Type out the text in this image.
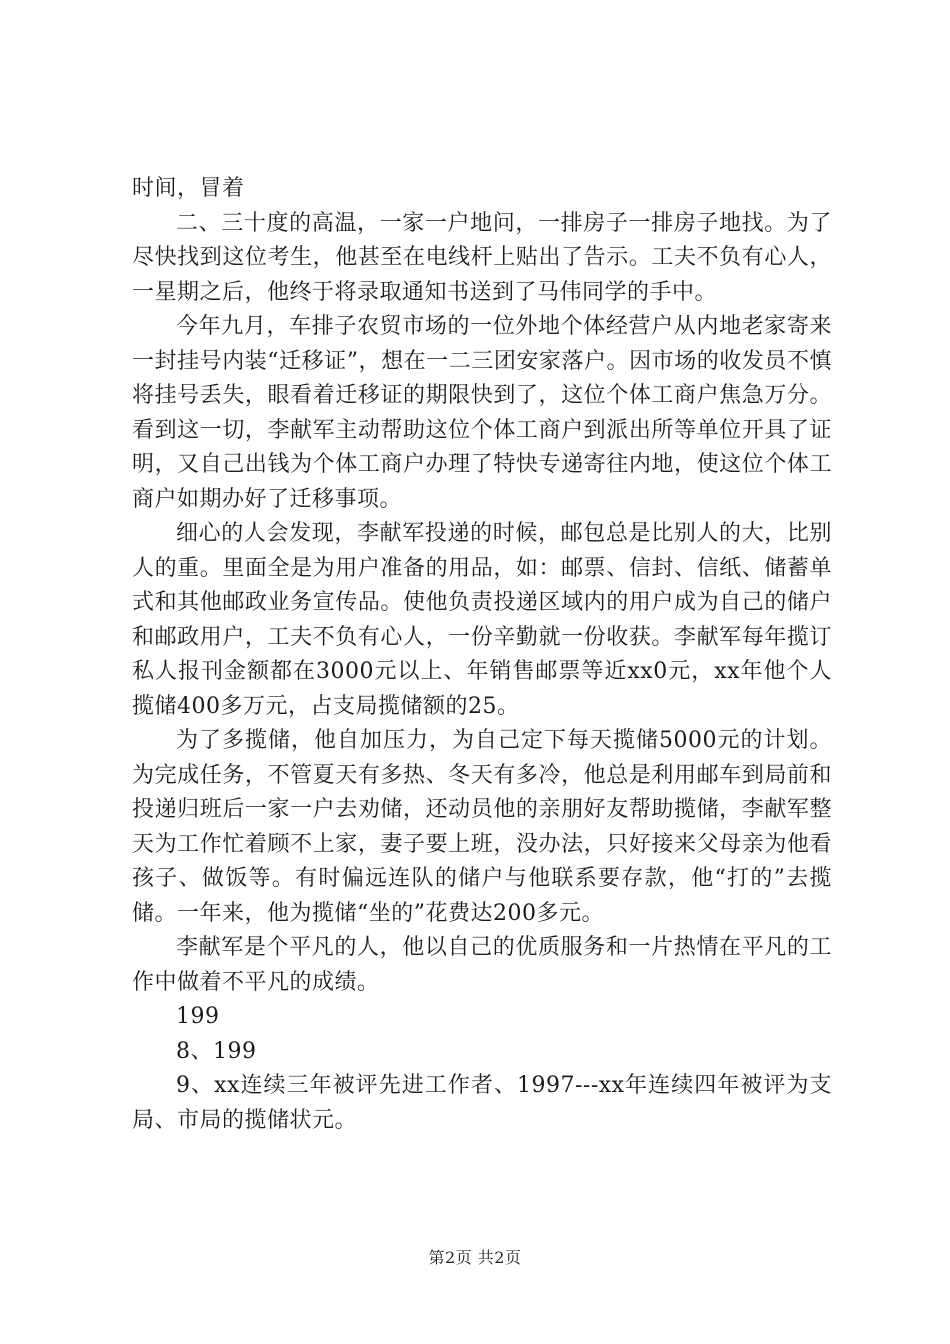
时间，冒着

二、三十度的高温，一家一户地问，一排房子一排房子地找。为了尽快找到这位考生，他甚至在电线杆上贴出了告示。工夫不负有心人，一星期之后，他终于将录取通知书送到了马伟同学的手中。

今年九月，车排子农贸市场的一位外地个体经营户从内地老家寄来一封挂号内装“迁移证”，想在一二三团安家落户。因市场的收发员不慎将挂号丢失，眼看着迁移证的期限快到了，这位个体工商户焦急万分。看到这一切，李献军主动帮助这位个体工商户到派出所等单位开具了证明，又自己出钱为个体工商户办理了特快专递寄往内地，使这位个体工商户如期办好了迁移事项。

细心的人会发现，李献军投递的时候，邮包总是比别人的大，比别人的重。里面全是为用户准备的用品，如：邮票、信封、信纸、储蓄单式和其他邮政业务宣传品。使他负责投递区域内的用户成为自己的储户和邮政用户，工夫不负有心人，一份辛勤就一份收获。李献军每年揽订私人报刊金额都在3000元以上、年销售邮票等近xx0元，xx年他个人揽储400多万元，占支局揽储额的25。

为了多揽储，他自加压力，为自己定下每天揽储5000元的计划。为完成任务，不管夏天有多热、冬天有多冷，他总是利用邮车到局前和投递归班后一家一户去劝储，还动员他的亲朋好友帮助揽储，李献军整天为工作忙着顾不上家，妻子要上班，没办法，只好接来父母亲为他看孩子、做饭等。有时偏远连队的储户与他联系要存款，他“打的”去揽储。一年来，他为揽储“坐的”花费达200多元。

李献军是个平凡的人，他以自己的优质服务和一片热情在平凡的工作中做着不平凡的成绩。

199

8、199

9、xx连续三年被评先进工作者、1997---xx年连续四年被评为支局、市局的揽储状元。

第2页 共2页
